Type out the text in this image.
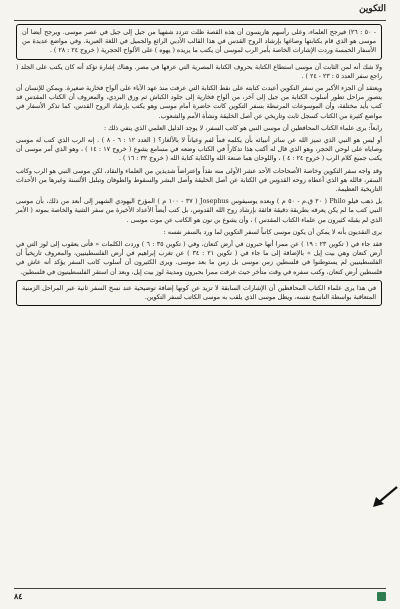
التكوين

- ٥٠ : ٢٦) فيرجح العلماء، وعلى رأسهم هاريسون أن هذه القصة ظلت تتردد شفهيا من جيل إلى جيل في عصر موسى. ويرجح أيضا أن موسى هو الذي قام بكتابتها وصاغها بإرشاد الروح القدس في هذا القالب الأدبي الرائع والجميل في اللغة العبرية. وفي مواضع عديدة من الأسفار الخمسة وردت الإشارات الخاصة بأمر الرب لموسى أن يكتب ما يريده ( يهوه ) على الألواح الحجرية ( خروج ٢٤ : ٢٨ ) .

ولا شك أنه لمن الثابت أن موسى استطاع الكتابة بحروف الكتابة المصرية التي عرفها في مصر. وهناك إشارة تؤكد أنه كان يكتب على الجلد ( راجع سفر العدد ٥ : ٢٣ - ٢٤ ) .

ويعتقد أن الجزء الأكبر من سفر التكوين أعيدت كتابته على نقط الكتابة التي عرفت منذ عهد الآباء على ألواح فخارية صغيرة. ويمكن للإنسان أن يتصور مراحل تطور أسلوب الكتابة من جيل إلى آخر، من ألواح فخارية إلى جلود الكباش ثم ورق البردي، والمعروف أن الكتاب المقدس قد كتب بأيد مختلفة، وأن الموسوعات المرتبطة بسفر التكوين كانت حاضرة أمام موسى وهو يكتب بإرشاد الروح القدس، كما تذكر الأسفار في مواضع كثيرة من الكتاب كسجل ثابت وتاريخي عن أصل الخليقة ونشأة الأمم والشعوب.

رابعاً: يرى علماء الكتاب المحافظين أن موسى النبي هو كاتب السفر، لا يوجد الدليل العلمي الذي ينفي ذلك :

أو ليس هو النبي الذي تميز الله عن سائر أنبيائه بأن يكلمه فماً لفم وعياناً لا بالألغاز؟ ( العدد ١٢ : ٦ - ٨ ) . إنه الرب الذي كتب له موسى وصاياه على لوحي الحجر، وهو الذي قال له أكتب هذا تذكاراً في الكتاب وضعه في مسامع يشوع ( خروج ١٧ : ١٤ ) ، وهو الذي أمر موسى أن يكتب جميع كلام الرب ( خروج ٢٤ : ٤ ) ، واللوحان هما صنعة الله والكتابة كتابة الله ( خروج ٣٢ : ١٦ ) .

وقد واجه سفر التكوين وخاصة الأصحاحات الأحد عشر الأولى منه نقداً وإعتراضاً شديدين من العلماء والنقاد، لكن موسى النبي هو الرب وكاتب السفر، فالله هو الذي أعطاه روحه القدوس في الكتابة عن أصل الخليقة وأصل البشر والسقوط والطوفان وتبلبل الألسنة وغيرها من الأحداث التاريخية العظيمة.

بل ذهب فيلو Philo ( ٢٠ ق.م - ٥٠ م ) وبعده يوسيفوس Josephus ( ٣٧ - ١٠٠ م ) المؤرخ اليهودي الشهير إلى أبعد من ذلك، بأن موسى النبي كتب ما لم يكن يعرفه بطريقة دقيقة فائقة بإرشاد روح الله القدوس، بل كتب أيضاً الأعداد الأخيرة من سفر التثنية والخاصة بموته ( الأمر الذي لم يقبله كثيرون من علماء الكتاب المقدس ) ، وأن يشوع بن نون هو الكاتب عن موت موسى .

يرى النقديون بأنه لا يمكن أن يكون موسى كاتباً لسفر التكوين لما ورد بالسفر نفسه :

فقد جاء في ( تكوين ٢٣ : ١٩ ) عن ممرا أنها حبرون في أرض كنعان، وفي ( تكوين ٣٥ : ٦ ) وردت الكلمات « فأتى يعقوب إلى لوز التي في أرض كنعان وهي بيت إيل » بالإضافة إلى ما جاء في ( تكوين ٢١ : ٣٤ ) عن تغرب إبراهيم في أرض الفلسطينيين، والمعروف تاريخياً أن الفلسطينيين لم يستوطنوا في فلسطين زمن موسى بل زمن ما بعد موسى. ويرى الكثيرون أن أسلوب كاتب السفر يؤكد أنه عاش في فلسطين أرض كنعان، وكتب سفره في وقت متأخر حيث عرفت ممرا بحبرون ومدينة لوز بيت إيل، وبعد أن استقر الفلسطينيون في فلسطين.

في هذا يرى علماء الكتاب المحافظين أن الإشارات السابقة لا تزيد عن كونها إضافة توضيحية عند نسخ السفر ثانية عبر المراحل الزمنية المتعاقبة بواسطة الناسخ نفسه، ويظل موسى الذي يلقب به موسى الكاتب لسفر التكوين.

٨٤
